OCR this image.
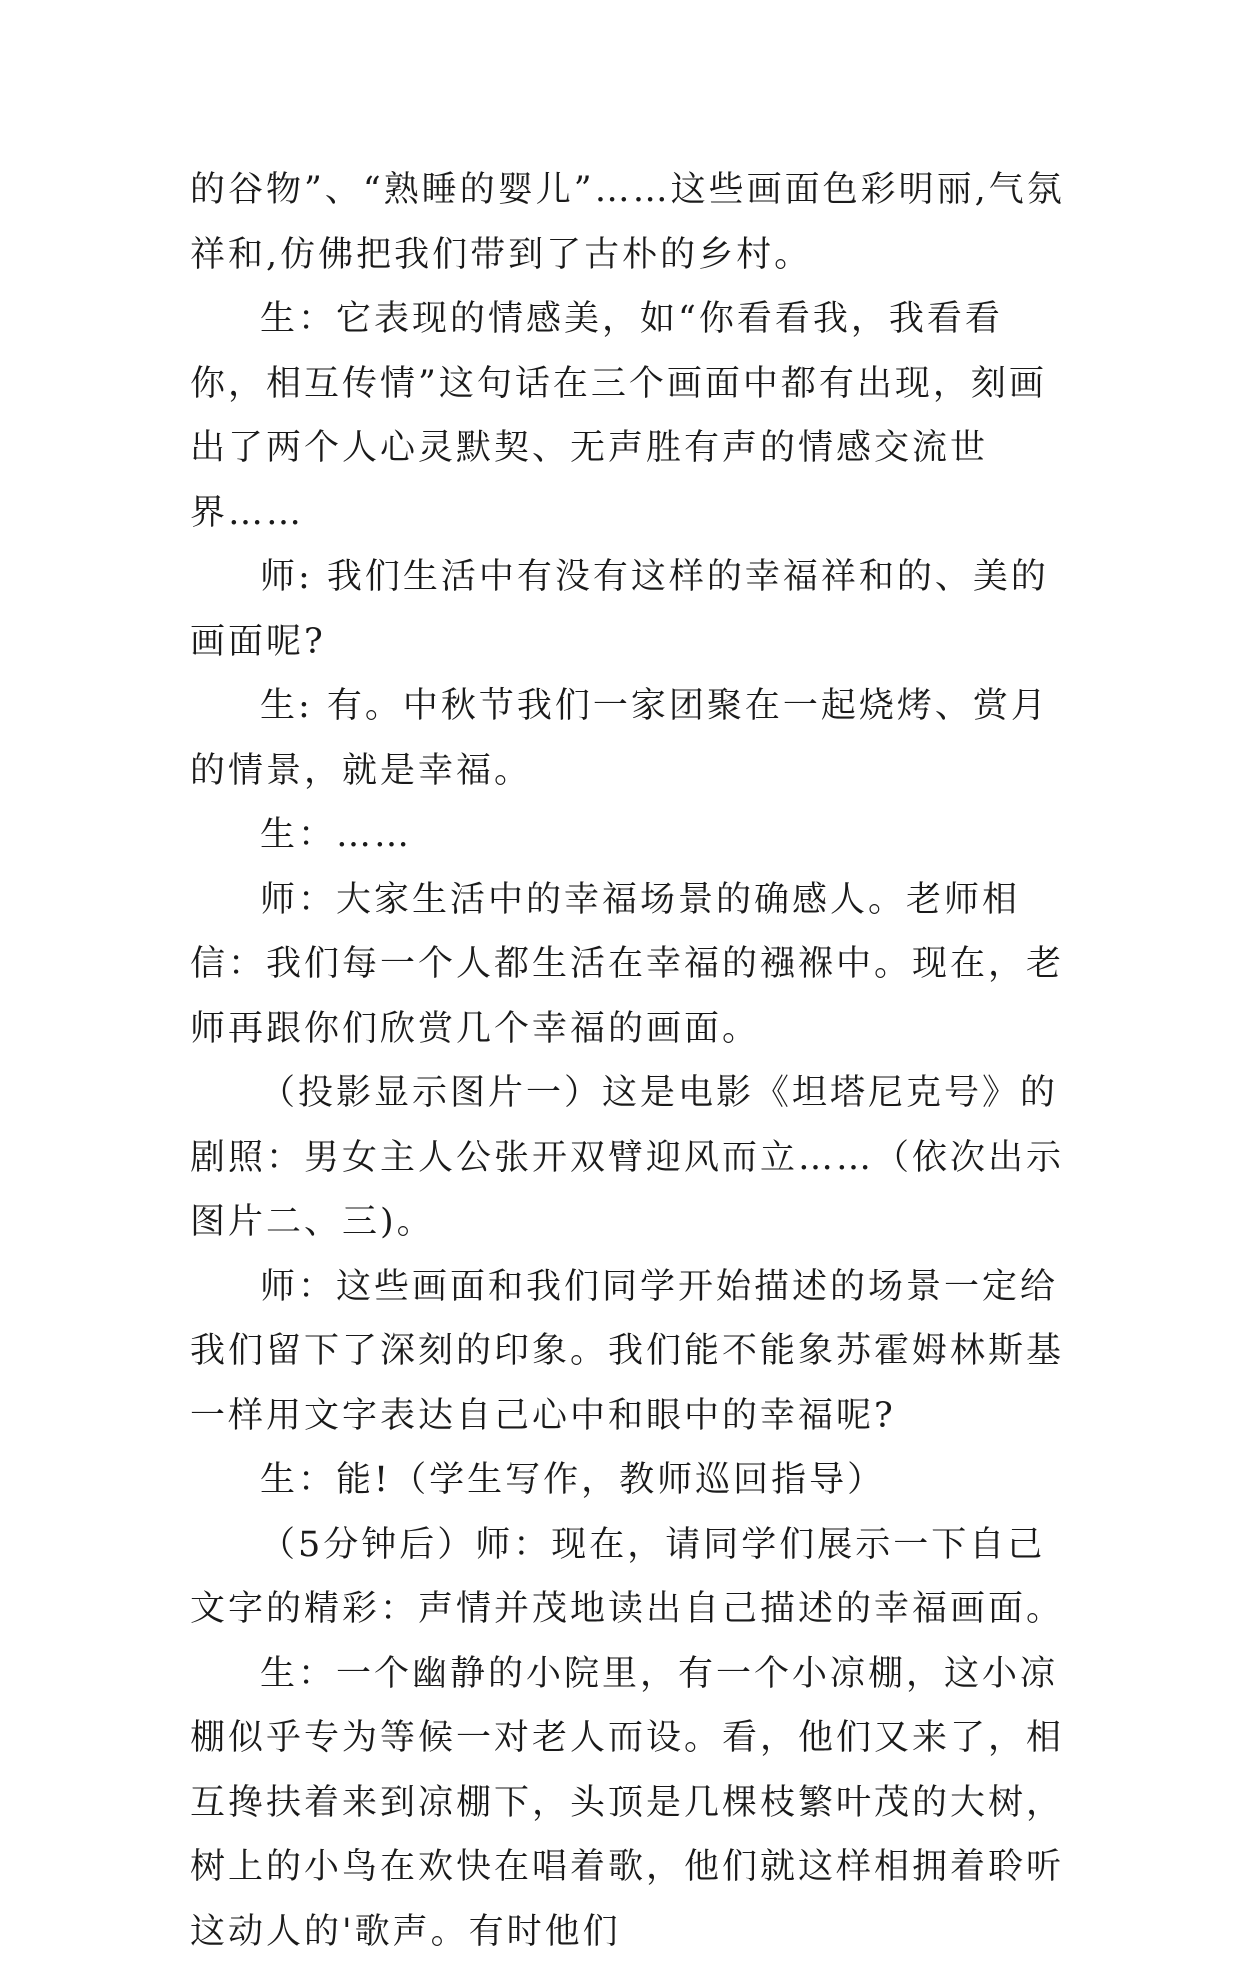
的谷物”、“熟睡的婴儿”……这些画面色彩明丽,气氛祥和,仿佛把我们带到了古朴的乡村。

生：它表现的情感美，如“你看看我，我看看你，相互传情”这句话在三个画面中都有出现，刻画出了两个人心灵默契、无声胜有声的情感交流世界……

师: 我们生活中有没有这样的幸福祥和的、美的画面呢?

生: 有。中秋节我们一家团聚在一起烧烤、赏月的情景，就是幸福。

生：……

师：大家生活中的幸福场景的确感人。老师相信：我们每一个人都生活在幸福的襁褓中。现在，老师再跟你们欣赏几个幸福的画面。

（投影显示图片一）这是电影《坦塔尼克号》的剧照：男女主人公张开双臂迎风而立……（依次出示图片二、三)。

师：这些画面和我们同学开始描述的场景一定给我们留下了深刻的印象。我们能不能象苏霍姆林斯基一样用文字表达自己心中和眼中的幸福呢?

生：能!（学生写作，教师巡回指导）

（5分钟后）师：现在，请同学们展示一下自己文字的精彩：声情并茂地读出自己描述的幸福画面。

生：一个幽静的小院里，有一个小凉棚，这小凉棚似乎专为等候一对老人而设。看，他们又来了，相互搀扶着来到凉棚下，头顶是几棵枝繁叶茂的大树，树上的小鸟在欢快在唱着歌，他们就这样相拥着聆听这动人的'歌声。有时他们
